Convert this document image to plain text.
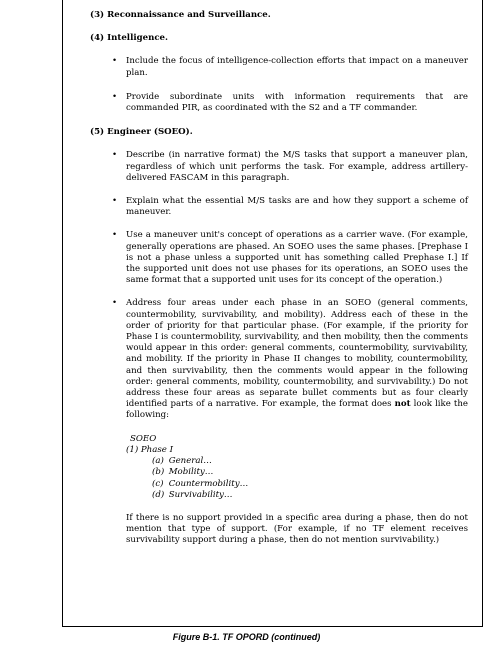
(3) Reconnaissance and Surveillance.
(4) Intelligence.
• Include the focus of intelligence-collection efforts that impact on a maneuver plan.
• Provide subordinate units with information requirements that are commanded PIR, as coordinated with the S2 and a TF commander.
(5) Engineer (SOEO).
• Describe (in narrative format) the M/S tasks that support a maneuver plan, regardless of which unit performs the task. For example, address artillery-delivered FASCAM in this paragraph.
• Explain what the essential M/S tasks are and how they support a scheme of maneuver.
• Use a maneuver unit's concept of operations as a carrier wave. (For example, generally operations are phased. An SOEO uses the same phases. [Prephase I is not a phase unless a supported unit has something called Prephase I.] If the supported unit does not use phases for its operations, an SOEO uses the same format that a supported unit uses for its concept of the operation.)
• Address four areas under each phase in an SOEO (general comments, countermobility, survivability, and mobility). Address each of these in the order of priority for that particular phase. (For example, if the priority for Phase I is countermobility, survivability, and then mobility, then the comments would appear in this order: general comments, countermobility, survivability, and mobility. If the priority in Phase II changes to mobility, countermobility, and then survivability, then the comments would appear in the following order: general comments, mobility, countermobility, and survivability.) Do not address these four areas as separate bullet comments but as four clearly identified parts of a narrative. For example, the format does not look like the following:

SOEO
(1) Phase I
(a) General…
(b) Mobility…
(c) Countermobility…
(d) Survivability…

If there is no support provided in a specific area during a phase, then do not mention that type of support. (For example, if no TF element receives survivability support during a phase, then do not mention survivability.)

Figure B-1. TF OPORD (continued)
